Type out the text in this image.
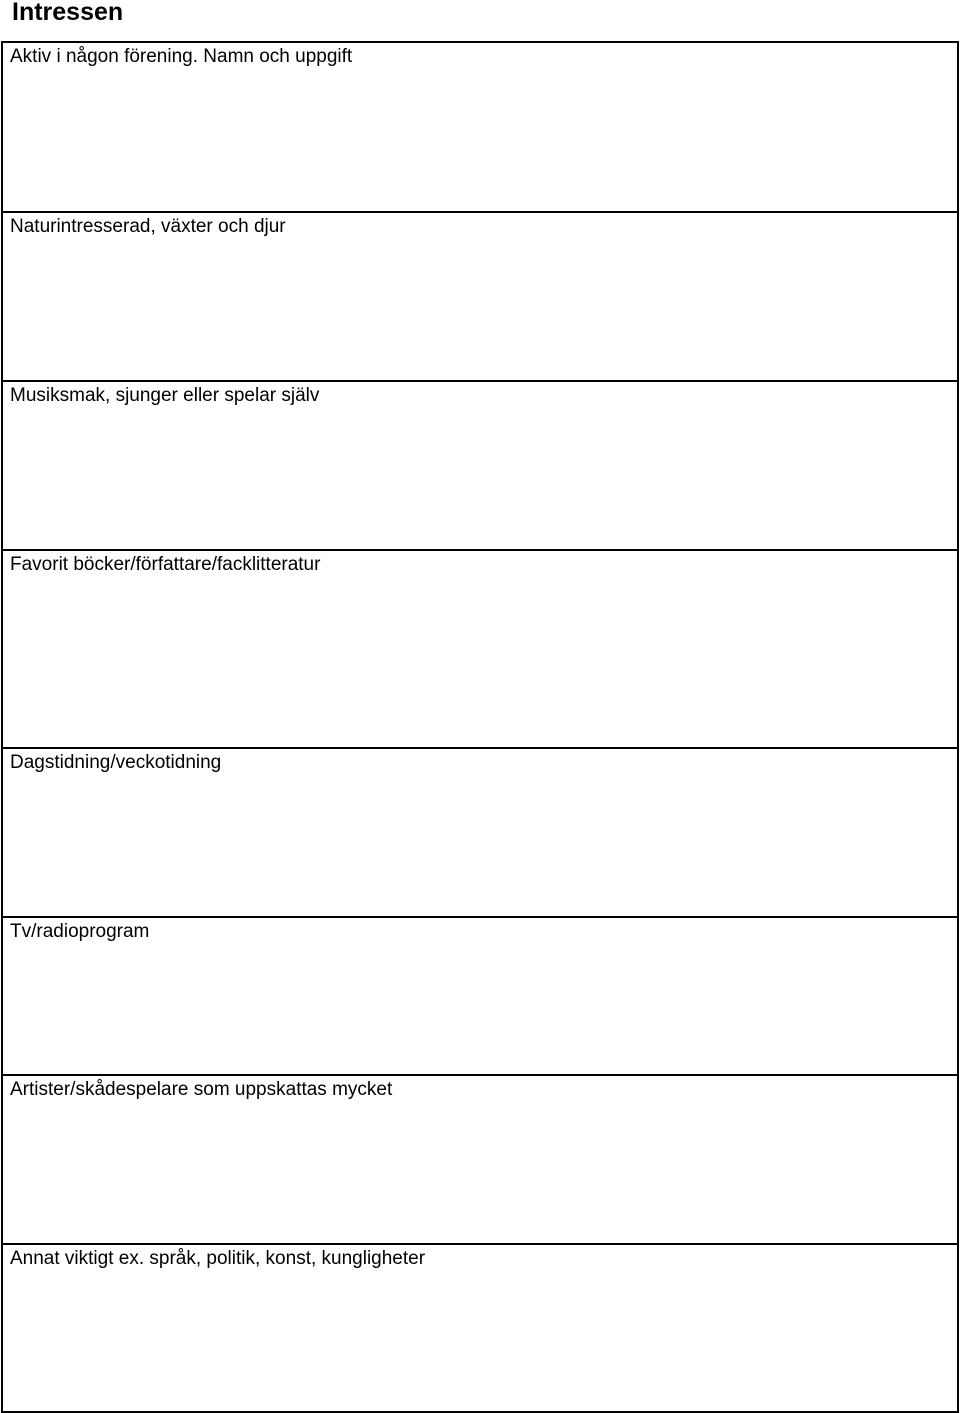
Intressen
Aktiv i någon förening. Namn och uppgift

Naturintresserad, växter och djur

Musiksmak, sjunger eller spelar själv

Favorit böcker/författare/facklitteratur

Dagstidning/veckotidning

Tv/radioprogram

Artister/skådespelare som uppskattas mycket

Annat viktigt ex. språk, politik, konst, kungligheter
